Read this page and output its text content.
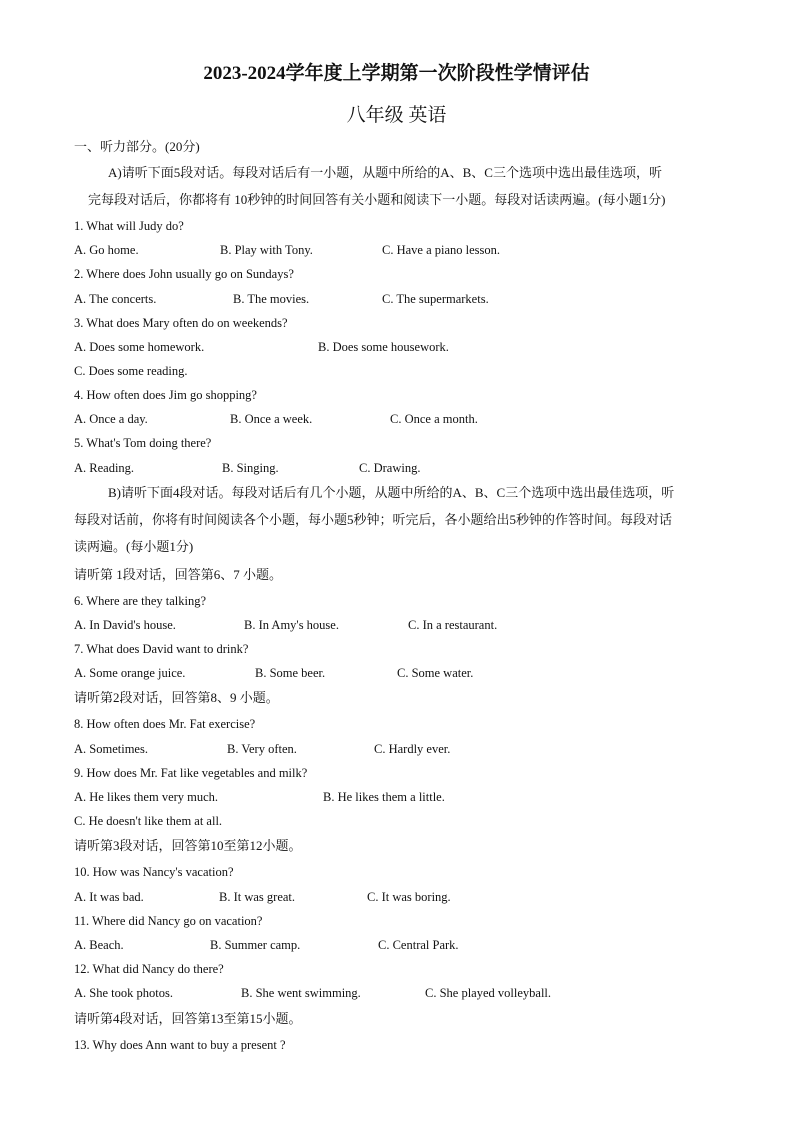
2023-2024学年度上学期第一次阶段性学情评估
八年级 英语
一、听力部分。(20分)
A)请听下面5段对话。每段对话后有一小题，从题中所给的A、B、C三个选项中选出最佳选项，听
完每段对话后，你都将有 10秒钟的时间回答有关小题和阅读下一小题。每段对话读两遍。(每小题1分)
1. What will Judy do?
A. Go home.	B. Play with Tony.	C. Have a piano lesson.
2. Where does John usually go on Sundays?
A. The concerts.	B. The movies.	C. The supermarkets.
3. What does Mary often do on weekends?
A. Does some homework.	B. Does some housework.
C. Does some reading.
4. How often does Jim go shopping?
A. Once a day.	B. Once a week.	C. Once a month.
5. What's Tom doing there?
A. Reading.	B. Singing.	C. Drawing.
B)请听下面4段对话。每段对话后有几个小题，从题中所给的A、B、C三个选项中选出最佳选项，听
每段对话前，你将有时间阅读各个小题，每小题5秒钟；听完后，各小题给出5秒钟的作答时间。每段对话
读两遍。(每小题1分)
请听第 1段对话，回答第6、7 小题。
6. Where are they talking?
A. In David's house.	B. In Amy's house.	C. In a restaurant.
7. What does David want to drink?
A. Some orange juice.	B. Some beer.	C. Some water.
请听第2段对话，回答第8、9 小题。
8. How often does Mr. Fat exercise?
A. Sometimes.	B. Very often.	C. Hardly ever.
9. How does Mr. Fat like vegetables and milk?
A. He likes them very much.	B. He likes them a little.
C. He doesn't like them at all.
请听第3段对话，回答第10至第12小题。
10. How was Nancy's vacation?
A. It was bad.	B. It was great.	C. It was boring.
11. Where did Nancy go on vacation?
A. Beach.	B. Summer camp.	C. Central Park.
12. What did Nancy do there?
A. She took photos.	B. She went swimming.	C. She played volleyball.
请听第4段对话，回答第13至第15小题。
13. Why does Ann want to buy a present ?
